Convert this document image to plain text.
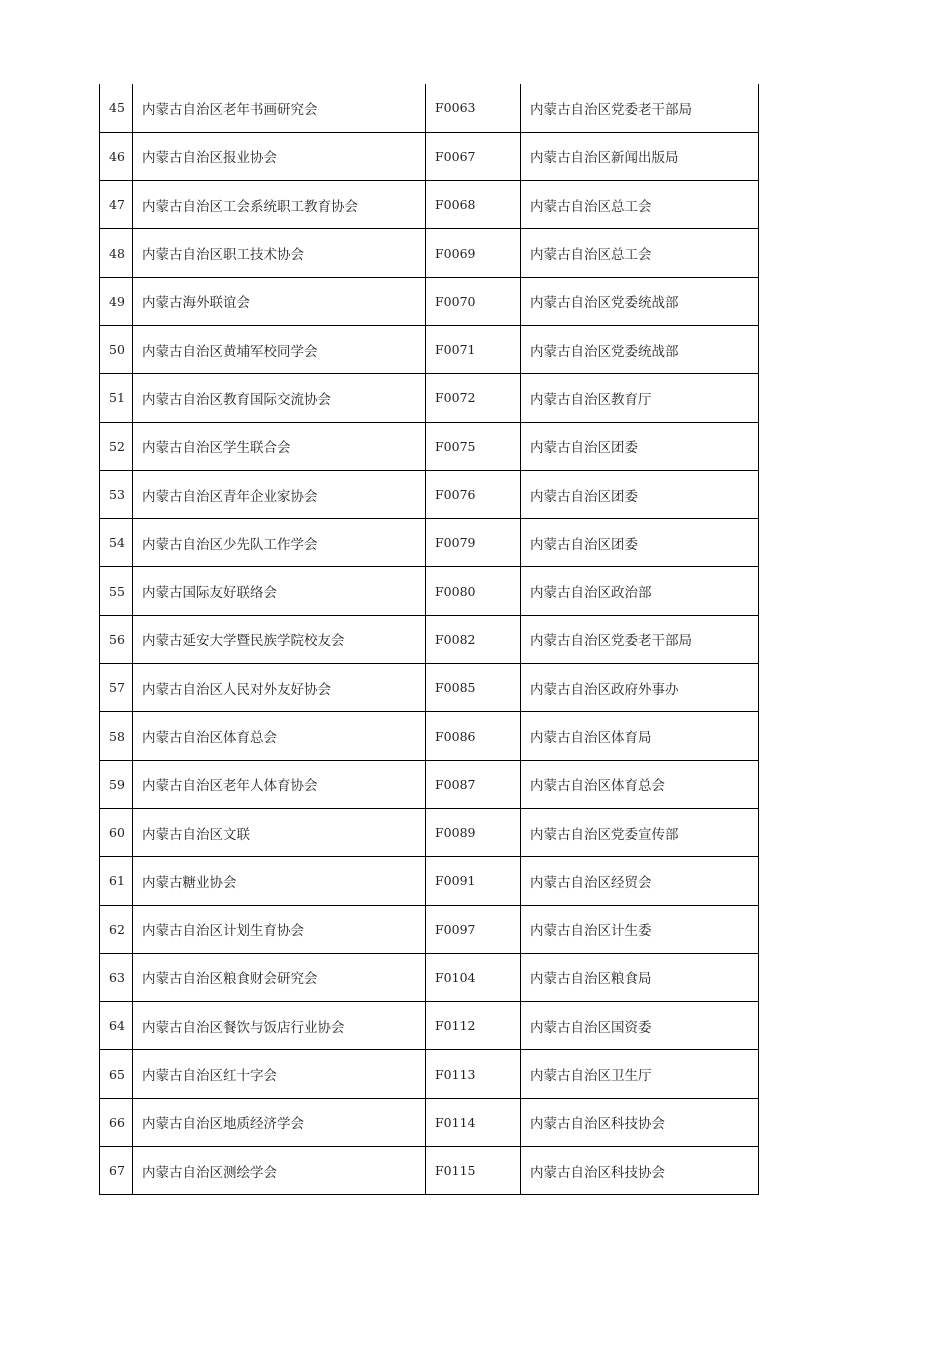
45	内蒙古自治区老年书画研究会	F0063	内蒙古自治区党委老干部局
46	内蒙古自治区报业协会	F0067	内蒙古自治区新闻出版局
47	内蒙古自治区工会系统职工教育协会	F0068	内蒙古自治区总工会
48	内蒙古自治区职工技术协会	F0069	内蒙古自治区总工会
49	内蒙古海外联谊会	F0070	内蒙古自治区党委统战部
50	内蒙古自治区黄埔军校同学会	F0071	内蒙古自治区党委统战部
51	内蒙古自治区教育国际交流协会	F0072	内蒙古自治区教育厅
52	内蒙古自治区学生联合会	F0075	内蒙古自治区团委
53	内蒙古自治区青年企业家协会	F0076	内蒙古自治区团委
54	内蒙古自治区少先队工作学会	F0079	内蒙古自治区团委
55	内蒙古国际友好联络会	F0080	内蒙古自治区政治部
56	内蒙古延安大学暨民族学院校友会	F0082	内蒙古自治区党委老干部局
57	内蒙古自治区人民对外友好协会	F0085	内蒙古自治区政府外事办
58	内蒙古自治区体育总会	F0086	内蒙古自治区体育局
59	内蒙古自治区老年人体育协会	F0087	内蒙古自治区体育总会
60	内蒙古自治区文联	F0089	内蒙古自治区党委宣传部
61	内蒙古糖业协会	F0091	内蒙古自治区经贸会
62	内蒙古自治区计划生育协会	F0097	内蒙古自治区计生委
63	内蒙古自治区粮食财会研究会	F0104	内蒙古自治区粮食局
64	内蒙古自治区餐饮与饭店行业协会	F0112	内蒙古自治区国资委
65	内蒙古自治区红十字会	F0113	内蒙古自治区卫生厅
66	内蒙古自治区地质经济学会	F0114	内蒙古自治区科技协会
67	内蒙古自治区测绘学会	F0115	内蒙古自治区科技协会
